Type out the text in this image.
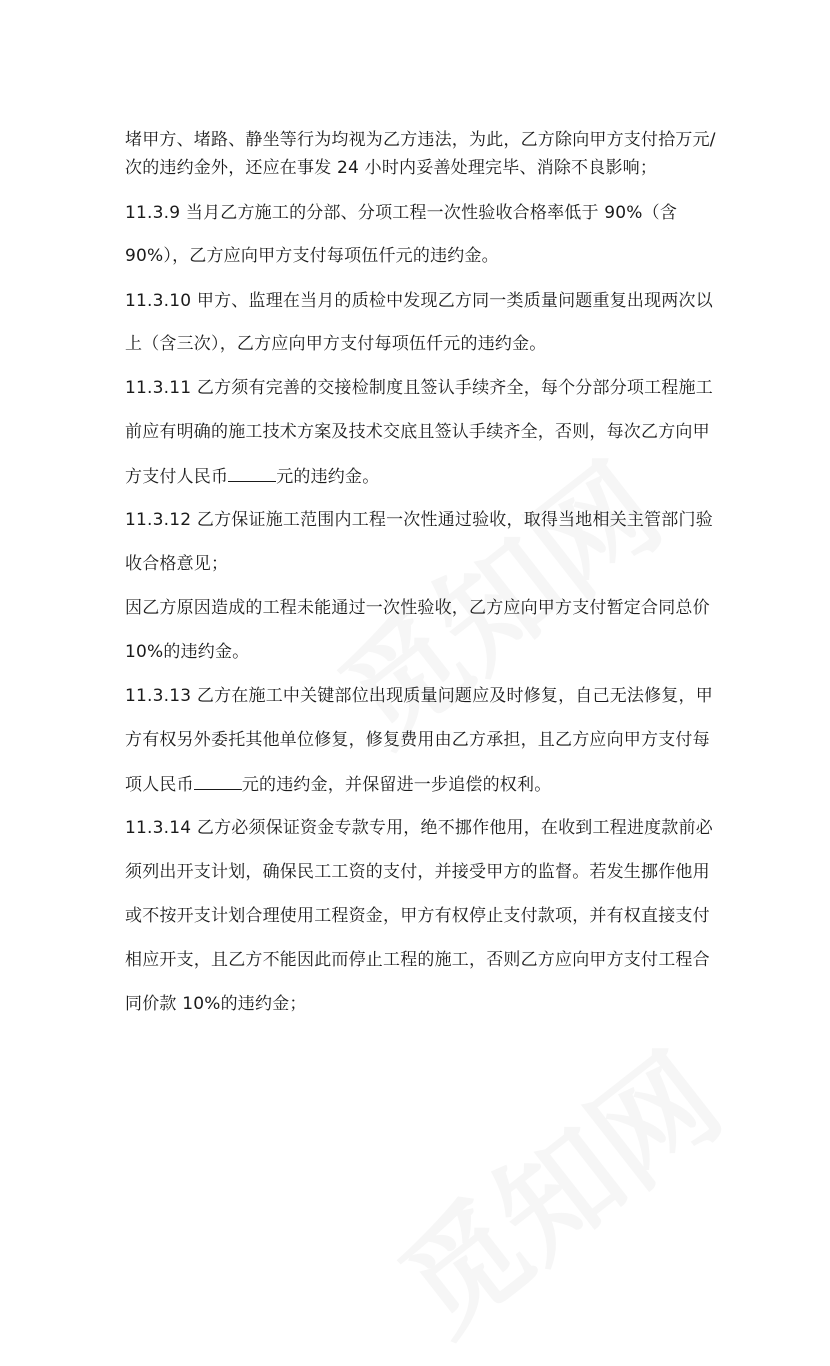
堵甲方、堵路、静坐等行为均视为乙方违法，为此，乙方除向甲方支付拾万元/
次的违约金外，还应在事发 24 小时内妥善处理完毕、消除不良影响；
11.3.9 当月乙方施工的分部、分项工程一次性验收合格率低于 90%（含
90%），乙方应向甲方支付每项伍仟元的违约金。
11.3.10 甲方、监理在当月的质检中发现乙方同一类质量问题重复出现两次以
上（含三次），乙方应向甲方支付每项伍仟元的违约金。
11.3.11 乙方须有完善的交接检制度且签认手续齐全，每个分部分项工程施工
前应有明确的施工技术方案及技术交底且签认手续齐全，否则，每次乙方向甲
方支付人民币	元的违约金。
11.3.12 乙方保证施工范围内工程一次性通过验收，取得当地相关主管部门验
收合格意见；
因乙方原因造成的工程未能通过一次性验收，乙方应向甲方支付暂定合同总价
10%的违约金。
11.3.13 乙方在施工中关键部位出现质量问题应及时修复，自己无法修复，甲
方有权另外委托其他单位修复，修复费用由乙方承担，且乙方应向甲方支付每
项人民币	元的违约金，并保留进一步追偿的权利。
11.3.14 乙方必须保证资金专款专用，绝不挪作他用，在收到工程进度款前必
须列出开支计划，确保民工工资的支付，并接受甲方的监督。若发生挪作他用
或不按开支计划合理使用工程资金，甲方有权停止支付款项，并有权直接支付
相应开支，且乙方不能因此而停止工程的施工，否则乙方应向甲方支付工程合
同价款 10%的违约金；
